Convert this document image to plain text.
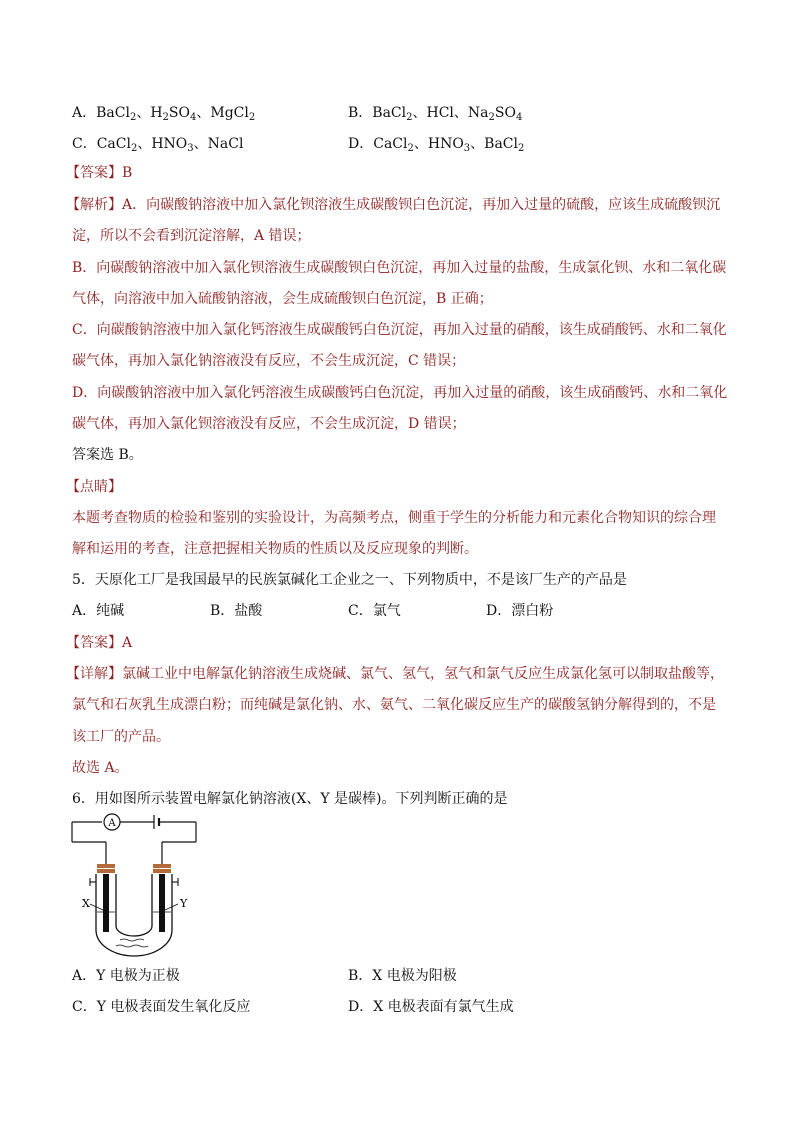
A．BaCl$_2$、$H_2SO_4$、MgCl$_2$	B．BaCl$_2$、HCl、$Na_2SO_4$
C．CaCl$_2$、$HNO_3$、NaCl	D．CaCl$_2$、$HNO_3$、BaCl$_2$
【答案】B
【解析】A．向碳酸钠溶液中加入氯化钡溶液生成碳酸钡白色沉淀，再加入过量的硫酸，应该生成硫酸钡沉
淀，所以不会看到沉淀溶解，A 错误；
B．向碳酸钠溶液中加入氯化钡溶液生成碳酸钡白色沉淀，再加入过量的盐酸，生成氯化钡、水和二氧化碳
气体，向溶液中加入硫酸钠溶液，会生成硫酸钡白色沉淀，B 正确；
C．向碳酸钠溶液中加入氯化钙溶液生成碳酸钙白色沉淀，再加入过量的硝酸，该生成硝酸钙、水和二氧化
碳气体，再加入氯化钠溶液没有反应，不会生成沉淀，C 错误；
D．向碳酸钠溶液中加入氯化钙溶液生成碳酸钙白色沉淀，再加入过量的硝酸，该生成硝酸钙、水和二氧化
碳气体，再加入氯化钡溶液没有反应，不会生成沉淀，D 错误；
答案选 B。
【点睛】
本题考查物质的检验和鉴别的实验设计，为高频考点，侧重于学生的分析能力和元素化合物知识的综合理
解和运用的考查，注意把握相关物质的性质以及反应现象的判断。
5．天原化工厂是我国最早的民族氯碱化工企业之一、下列物质中，不是该厂生产的产品是
A．纯碱	B．盐酸	C．氯气	D．漂白粉
【答案】A
【详解】氯碱工业中电解氯化钠溶液生成烧碱、氯气、氢气，氢气和氯气反应生成氯化氢可以制取盐酸等，
氯气和石灰乳生成漂白粉；而纯碱是氯化钠、水、氨气、二氧化碳反应生产的碳酸氢钠分解得到的，不是
该工厂的产品。
故选 A。
6．用如图所示装置电解氯化钠溶液(X、Y 是碳棒)。下列判断正确的是
A
X	Y
A．Y 电极为正极	B．X 电极为阳极
C．Y 电极表面发生氧化反应	D．X 电极表面有氯气生成
